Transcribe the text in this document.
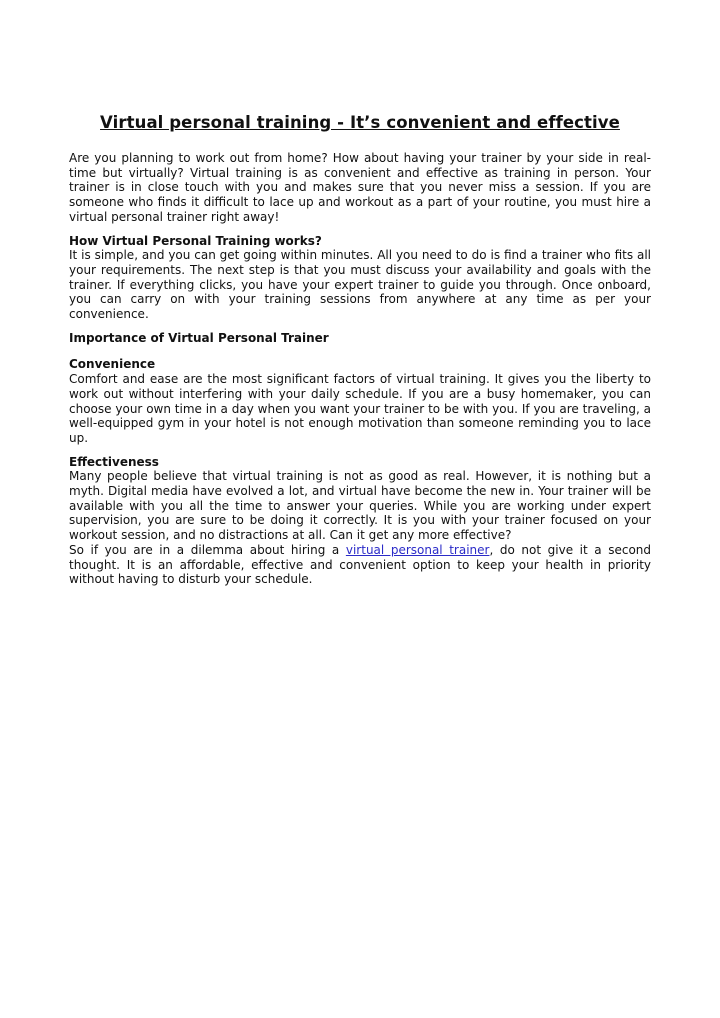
Virtual personal training - It’s convenient and effective

Are you planning to work out from home? How about having your trainer by your side in real-time but virtually? Virtual training is as convenient and effective as training in person. Your trainer is in close touch with you and makes sure that you never miss a session. If you are someone who finds it difficult to lace up and workout as a part of your routine, you must hire a virtual personal trainer right away!

How Virtual Personal Training works?

It is simple, and you can get going within minutes. All you need to do is find a trainer who fits all your requirements. The next step is that you must discuss your availability and goals with the trainer. If everything clicks, you have your expert trainer to guide you through. Once onboard, you can carry on with your training sessions from anywhere at any time as per your convenience.

Importance of Virtual Personal Trainer

Convenience

Comfort and ease are the most significant factors of virtual training. It gives you the liberty to work out without interfering with your daily schedule. If you are a busy homemaker, you can choose your own time in a day when you want your trainer to be with you. If you are traveling, a well-equipped gym in your hotel is not enough motivation than someone reminding you to lace up.

Effectiveness

Many people believe that virtual training is not as good as real. However, it is nothing but a myth. Digital media have evolved a lot, and virtual have become the new in. Your trainer will be available with you all the time to answer your queries. While you are working under expert supervision, you are sure to be doing it correctly. It is you with your trainer focused on your workout session, and no distractions at all. Can it get any more effective?

So if you are in a dilemma about hiring a virtual personal trainer, do not give it a second thought. It is an affordable, effective and convenient option to keep your health in priority without having to disturb your schedule.
